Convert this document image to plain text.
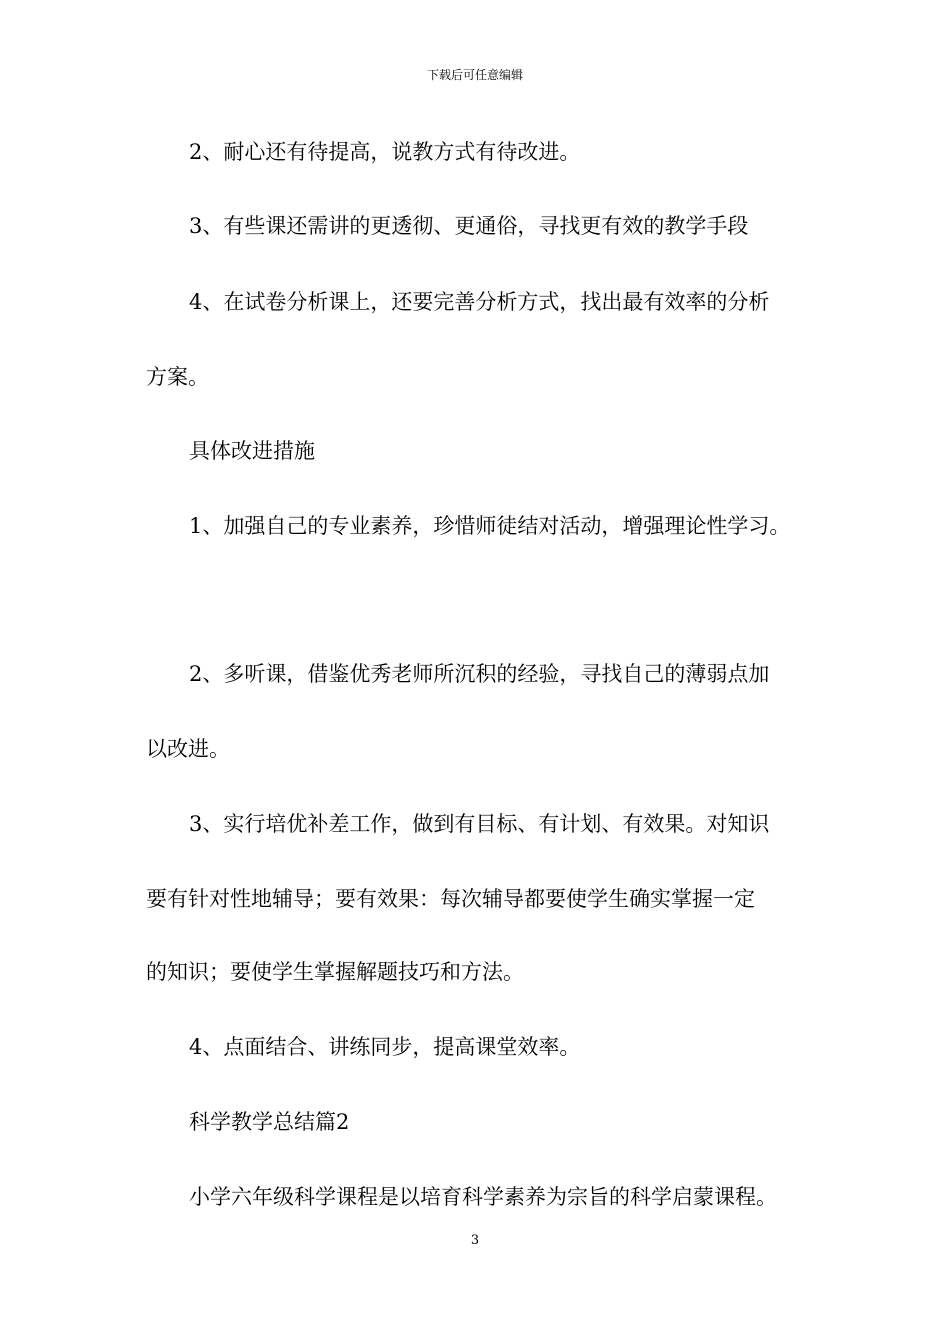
下载后可任意编辑

2、耐心还有待提高，说教方式有待改进。

3、有些课还需讲的更透彻、更通俗，寻找更有效的教学手段

4、在试卷分析课上，还要完善分析方式，找出最有效率的分析

方案。

具体改进措施

1、加强自己的专业素养，珍惜师徒结对活动，增强理论性学习。

2、多听课，借鉴优秀老师所沉积的经验，寻找自己的薄弱点加

以改进。

3、实行培优补差工作，做到有目标、有计划、有效果。对知识

要有针对性地辅导；要有效果：每次辅导都要使学生确实掌握一定

的知识；要使学生掌握解题技巧和方法。

4、点面结合、讲练同步，提高课堂效率。

科学教学总结篇2

小学六年级科学课程是以培育科学素养为宗旨的科学启蒙课程。

3
